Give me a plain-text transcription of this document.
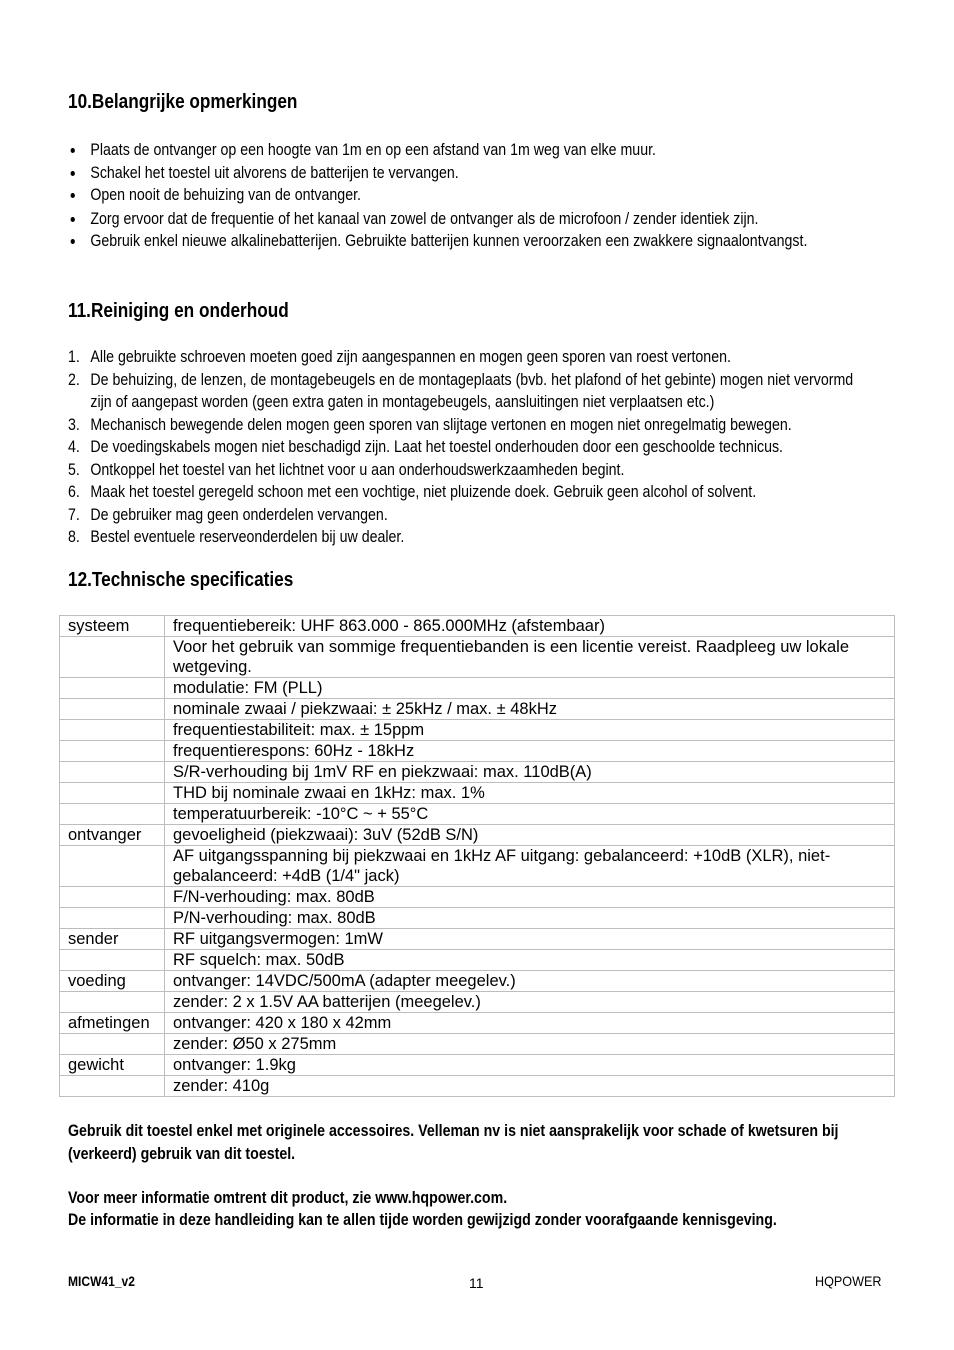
10.Belangrijke opmerkingen
Plaats de ontvanger op een hoogte van 1m en op een afstand van 1m weg van elke muur.
Schakel het toestel uit alvorens de batterijen te vervangen.
Open nooit de behuizing van de ontvanger.
Zorg ervoor dat de frequentie of het kanaal van zowel de ontvanger als de microfoon / zender identiek zijn.
Gebruik enkel nieuwe alkalinebatterijen. Gebruikte batterijen kunnen veroorzaken een zwakkere signaalontvangst.
11.Reiniging en onderhoud
1. Alle gebruikte schroeven moeten goed zijn aangespannen en mogen geen sporen van roest vertonen.
2. De behuizing, de lenzen, de montagebeugels en de montageplaats (bvb. het plafond of het gebinte) mogen niet vervormd zijn of aangepast worden (geen extra gaten in montagebeugels, aansluitingen niet verplaatsen etc.)
3. Mechanisch bewegende delen mogen geen sporen van slijtage vertonen en mogen niet onregelmatig bewegen.
4. De voedingskabels mogen niet beschadigd zijn. Laat het toestel onderhouden door een geschoolde technicus.
5. Ontkoppel het toestel van het lichtnet voor u aan onderhoudswerkzaamheden begint.
6. Maak het toestel geregeld schoon met een vochtige, niet pluizende doek. Gebruik geen alcohol of solvent.
7. De gebruiker mag geen onderdelen vervangen.
8. Bestel eventuele reserveonderdelen bij uw dealer.
12.Technische specificaties
systeem	frequentiebereik: UHF 863.000 - 865.000MHz (afstembaar)
	Voor het gebruik van sommige frequentiebanden is een licentie vereist. Raadpleeg uw lokale wetgeving.
	modulatie: FM (PLL)
	nominale zwaai / piekzwaai: ± 25kHz / max. ± 48kHz
	frequentiestabiliteit: max. ± 15ppm
	frequentierespons: 60Hz - 18kHz
	S/R-verhouding bij 1mV RF en piekzwaai: max. 110dB(A)
	THD bij nominale zwaai en 1kHz: max. 1%
	temperatuurbereik: -10°C ~ + 55°C
ontvanger	gevoeligheid (piekzwaai): 3uV (52dB S/N)
	AF uitgangsspanning bij piekzwaai en 1kHz AF uitgang: gebalanceerd: +10dB (XLR), niet-gebalanceerd: +4dB (1/4" jack)
	F/N-verhouding: max. 80dB
	P/N-verhouding: max. 80dB
sender	RF uitgangsvermogen: 1mW
	RF squelch: max. 50dB
voeding	ontvanger: 14VDC/500mA (adapter meegelev.)
	zender: 2 x 1.5V AA batterijen (meegelev.)
afmetingen	ontvanger: 420 x 180 x 42mm
	zender: Ø50 x 275mm
gewicht	ontvanger: 1.9kg
	zender: 410g

Gebruik dit toestel enkel met originele accessoires. Velleman nv is niet aansprakelijk voor schade of kwetsuren bij (verkeerd) gebruik van dit toestel.

Voor meer informatie omtrent dit product, zie www.hqpower.com.

De informatie in deze handleiding kan te allen tijde worden gewijzigd zonder voorafgaande kennisgeving.

MICW41_v2	11	HQPOWER
